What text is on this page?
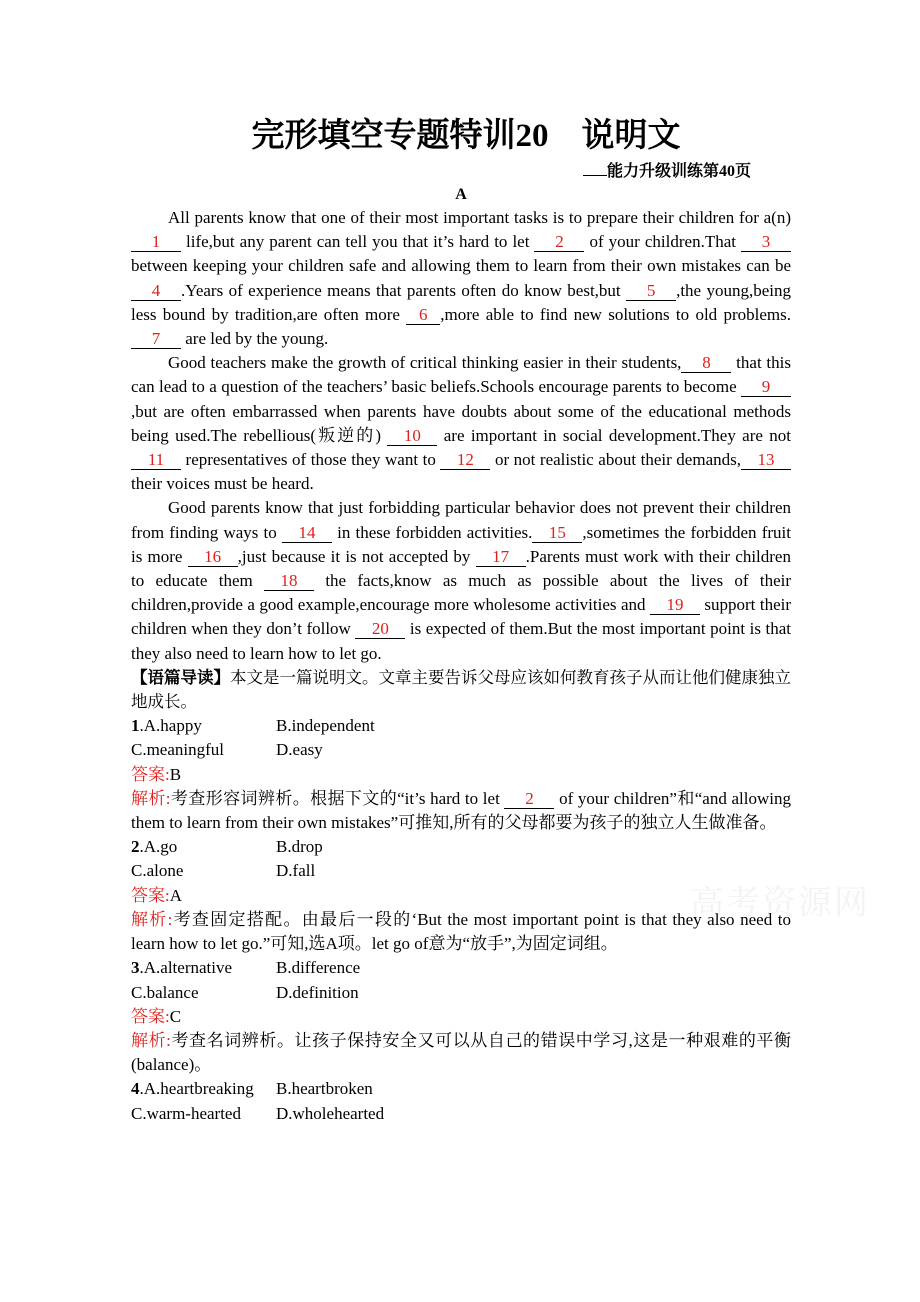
高考资源网
完形填空专题特训20　说明文
能力升级训练第40页
A

All parents know that one of their most important tasks is to prepare their children for a(n) 1 life,but any parent can tell you that it’s hard to let 2 of your children.That 3 between keeping your children safe and allowing them to learn from their own mistakes can be 4 .Years of experience means that parents often do know best,but 5 ,the young,being less bound by tradition,are often more 6 ,more able to find new solutions to old problems.7 are led by the young.

Good teachers make the growth of critical thinking easier in their students, 8 that this can lead to a question of the teachers’ basic beliefs.Schools encourage parents to become 9,but are often embarrassed when parents have doubts about some of the educational methods being used.The rebellious(叛逆的) 10 are important in social development.They are not 11 representatives of those they want to 12 or not realistic about their demands, 13 their voices must be heard.

Good parents know that just forbidding particular behavior does not prevent their children from finding ways to 14 in these forbidden activities. 15 ,sometimes the forbidden fruit is more 16 ,just because it is not accepted by 17 .Parents must work with their children to educate them 18 the facts,know as much as possible about the lives of their children,provide a good example,encourage more wholesome activities and 19 support their children when they don’t follow 20 is expected of them.But the most important point is that they also need to learn how to let go.

【语篇导读】本文是一篇说明文。文章主要告诉父母应该如何教育孩子从而让他们健康独立地成长。

1.A.happy	B.independent
C.meaningful	D.easy

答案:B

解析:考查形容词辨析。根据下文的“it’s hard to let 2 of your children”和“and allowing them to learn from their own mistakes”可推知,所有的父母都要为孩子的独立人生做准备。

2.A.go	B.drop
C.alone	D.fall

答案:A

解析:考查固定搭配。由最后一段的‘But the most important point is that they also need to learn how to let go.”可知,选A项。let go of意为“放手”,为固定词组。

3.A.alternative	B.difference
C.balance	D.definition

答案:C

解析:考查名词辨析。让孩子保持安全又可以从自己的错误中学习,这是一种艰难的平衡(balance)。

4.A.heartbreaking	B.heartbroken
C.warm-hearted	D.wholehearted
